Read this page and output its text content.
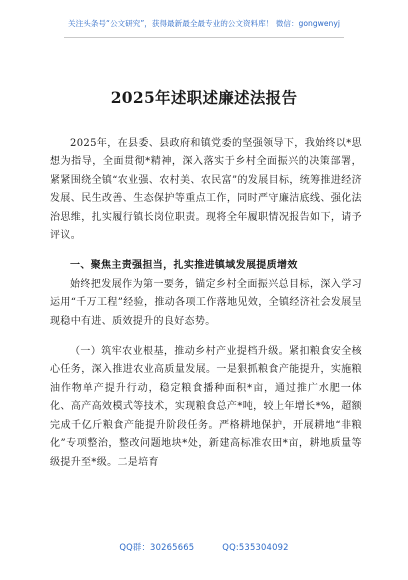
关注头条号“公文研究”，获得最新最全最专业的公文资料库！ 微信：gongwenyj
2025年述职述廉述法报告

2025年，在县委、县政府和镇党委的坚强领导下，我始终以*思想为指导，全面贯彻*精神，深入落实于乡村全面振兴的决策部署，紧紧围绕全镇“农业强、农村美、农民富”的发展目标，统筹推进经济发展、民生改善、生态保护等重点工作，同时严守廉洁底线、强化法治思维，扎实履行镇长岗位职责。现将全年履职情况报告如下，请予评议。

一、聚焦主责强担当，扎实推进镇域发展提质增效

始终把发展作为第一要务，锚定乡村全面振兴总目标，深入学习运用“千万工程”经验，推动各项工作落地见效，全镇经济社会发展呈现稳中有进、质效提升的良好态势。

（一）筑牢农业根基，推动乡村产业提档升级。紧扣粮食安全核心任务，深入推进农业高质量发展。一是狠抓粮食产能提升，实施粮油作物单产提升行动，稳定粮食播种面积*亩，通过推广水肥一体化、高产高效模式等技术，实现粮食总产*吨，较上年增长*%，超额完成千亿斤粮食产能提升阶段任务。严格耕地保护，开展耕地“非粮化”专项整治，整改问题地块*处，新建高标准农田*亩，耕地质量等级提升至*级。二是培育

QQ群：30265665	QQ:535304092
